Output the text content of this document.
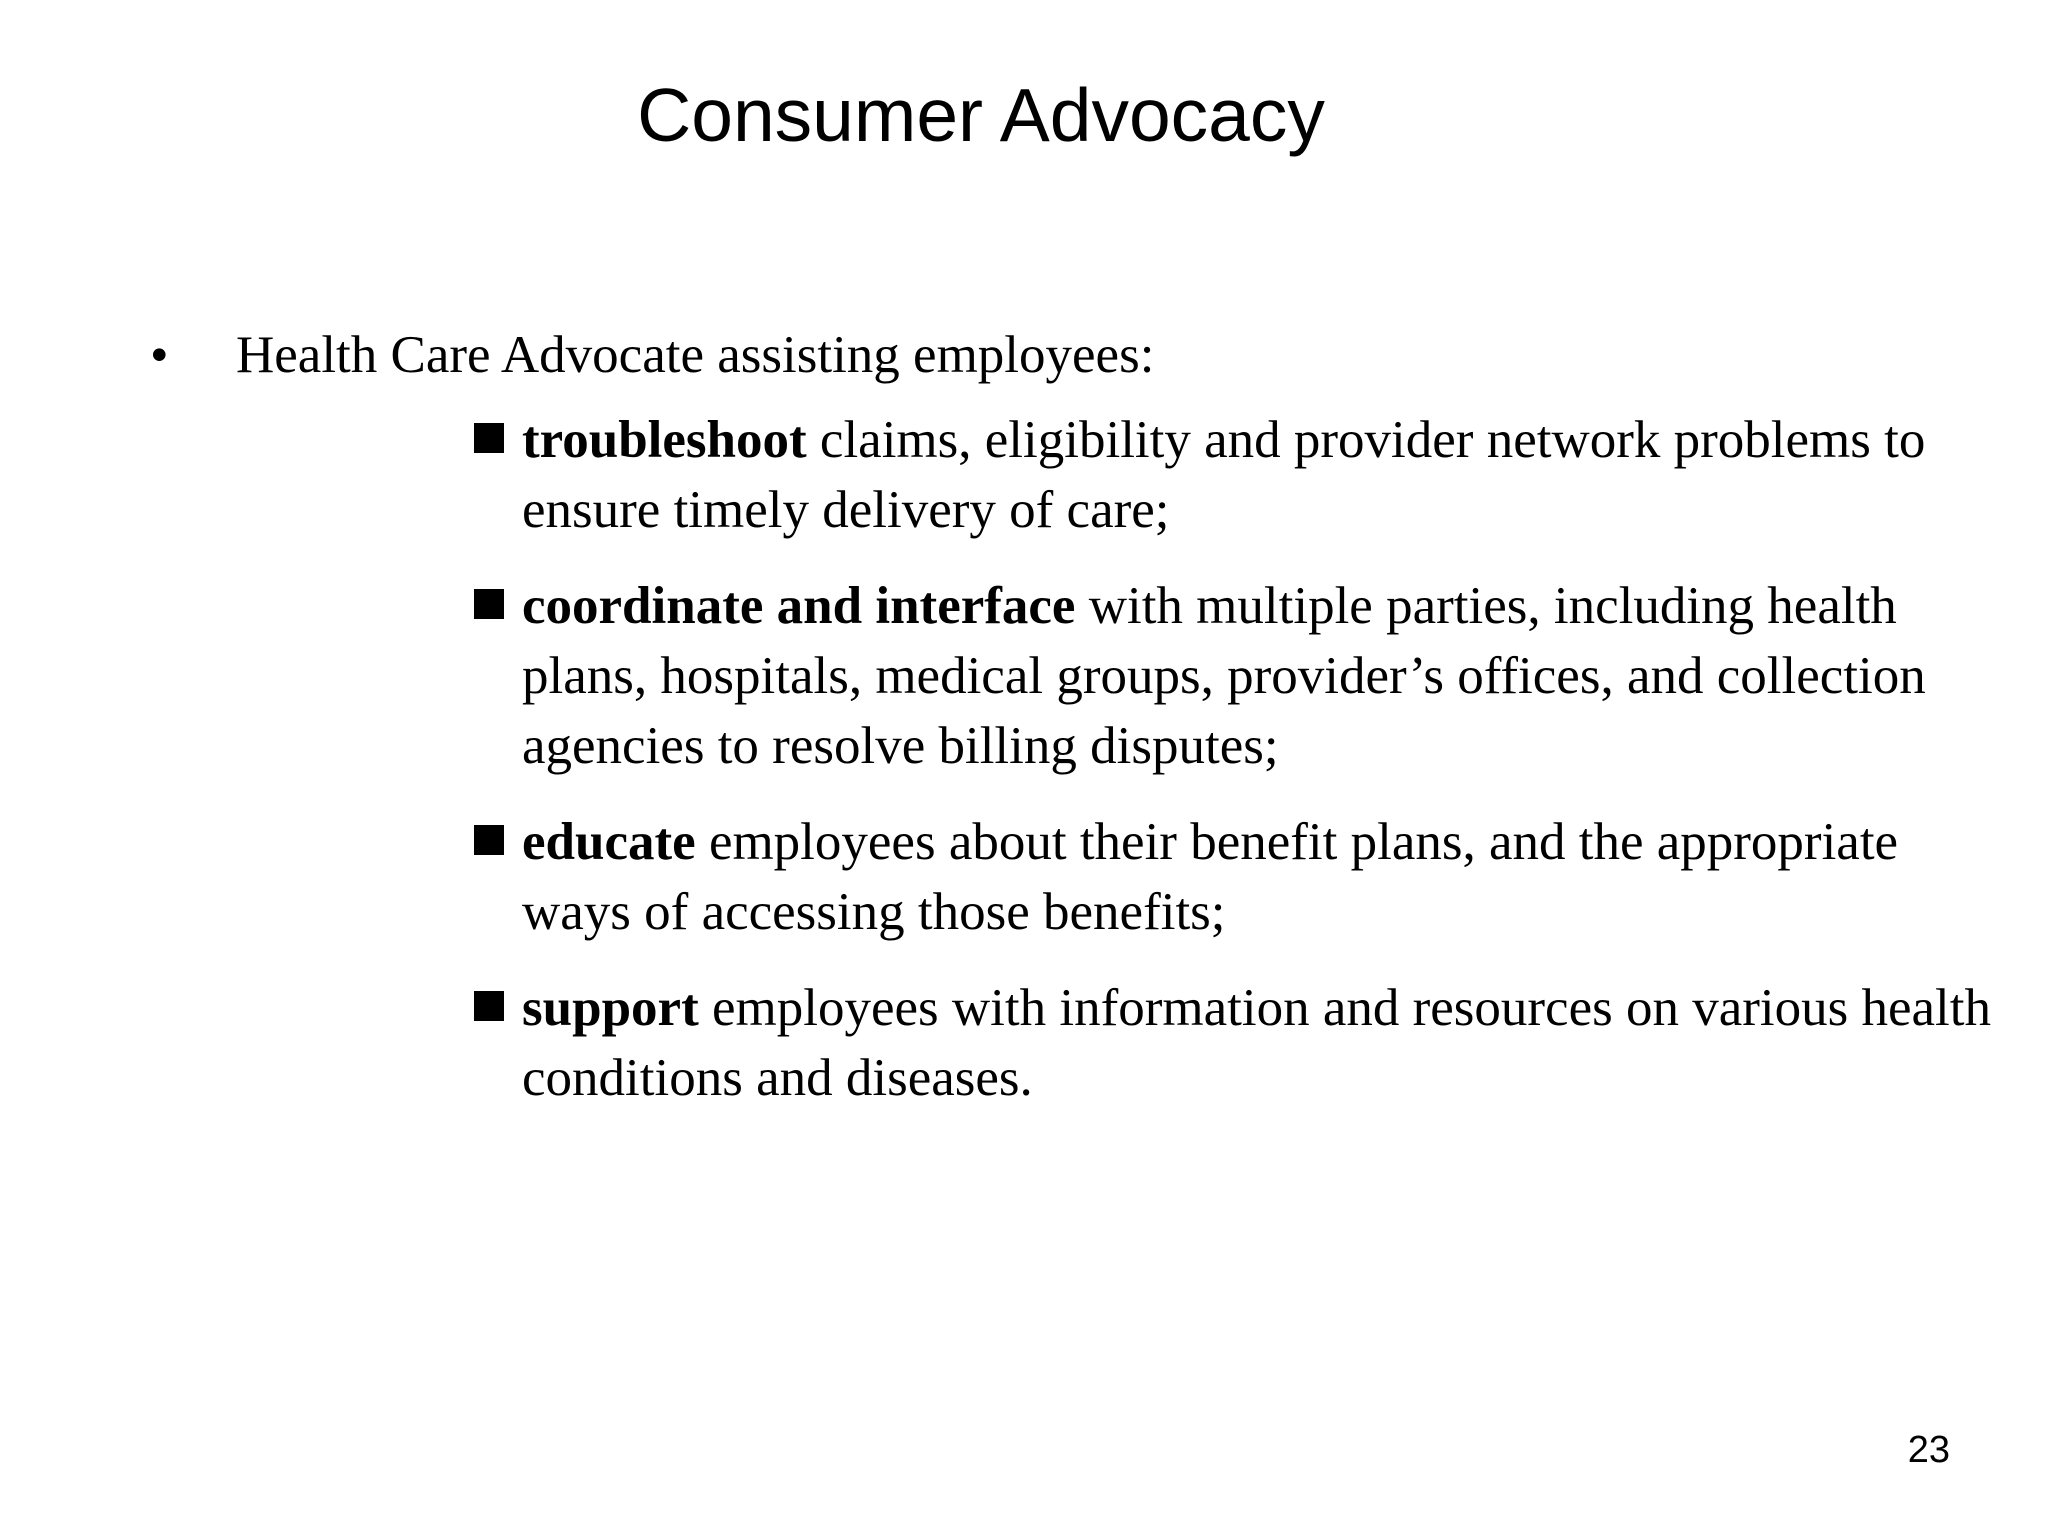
Consumer Advocacy
•	Health Care Advocate assisting employees:
troubleshoot claims, eligibility and provider network problems to ensure timely delivery of care;
coordinate and interface with multiple parties, including health plans, hospitals, medical groups, provider’s offices, and collection agencies to resolve billing disputes;
educate employees about their benefit plans, and the appropriate ways of accessing those benefits;
support employees with information and resources on various health conditions and diseases.
23
